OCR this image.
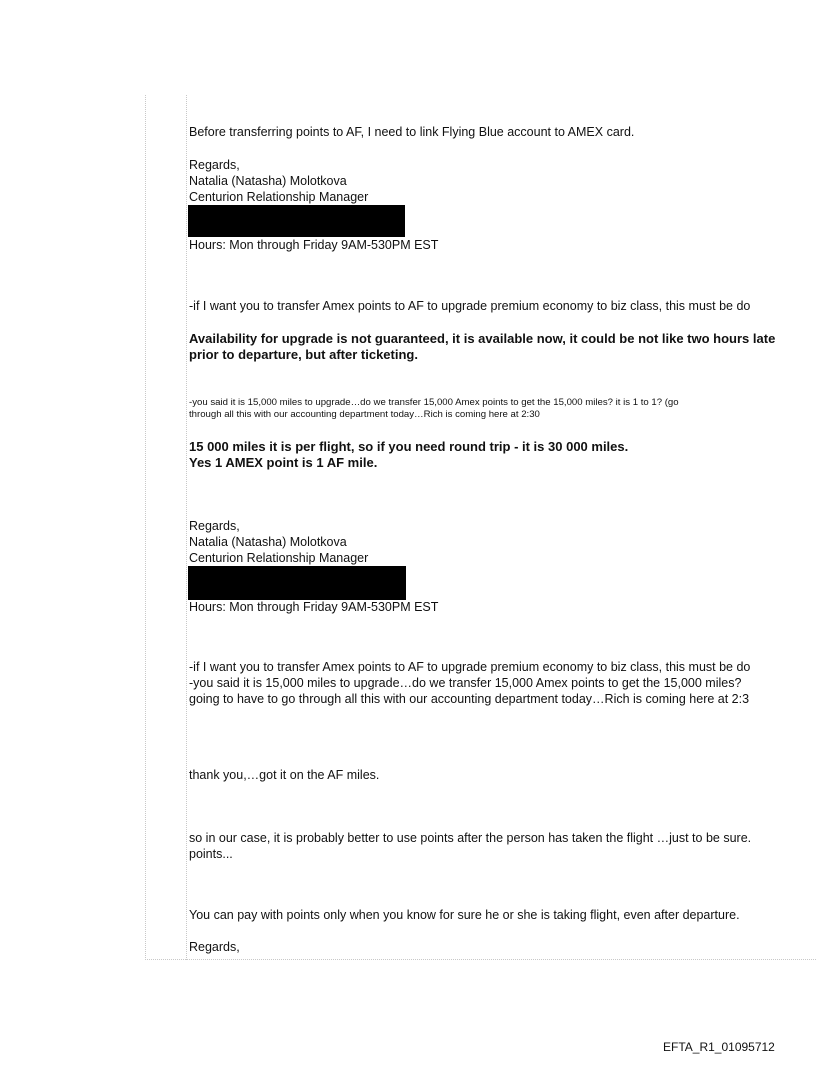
Before transferring points to AF, I need to link Flying Blue account to AMEX card.
Regards,
Natalia (Natasha) Molotkova
Centurion Relationship Manager
Hours: Mon through Friday 9AM-530PM EST
-if I want you to transfer Amex points to AF to upgrade premium economy to biz class, this must be do
Availability for upgrade is not guaranteed, it is available now, it could be not like two hours late
prior to departure, but after ticketing.
-you said it is 15,000 miles to upgrade…do we transfer 15,000 Amex points to get the 15,000 miles? it is 1 to 1? (go
through all this with our accounting department today…Rich is coming here at 2:30
15 000 miles it is per flight, so if you need round trip - it is 30 000 miles.
Yes 1 AMEX point is 1 AF mile.
Regards,
Natalia (Natasha) Molotkova
Centurion Relationship Manager
Hours: Mon through Friday 9AM-530PM EST
-if I want you to transfer Amex points to AF to upgrade premium economy to biz class, this must be do
-you said it is 15,000 miles to upgrade…do we transfer 15,000 Amex points to get the 15,000 miles?
going to have to go through all this with our accounting department today…Rich is coming here at 2:3
thank you,…got it on the AF miles.
so in our case, it is probably better to use points after the person has taken the flight …just to be sure.
points...
You can pay with points only when you know for sure he or she is taking flight, even after departure.
Regards,
EFTA_R1_01095712
